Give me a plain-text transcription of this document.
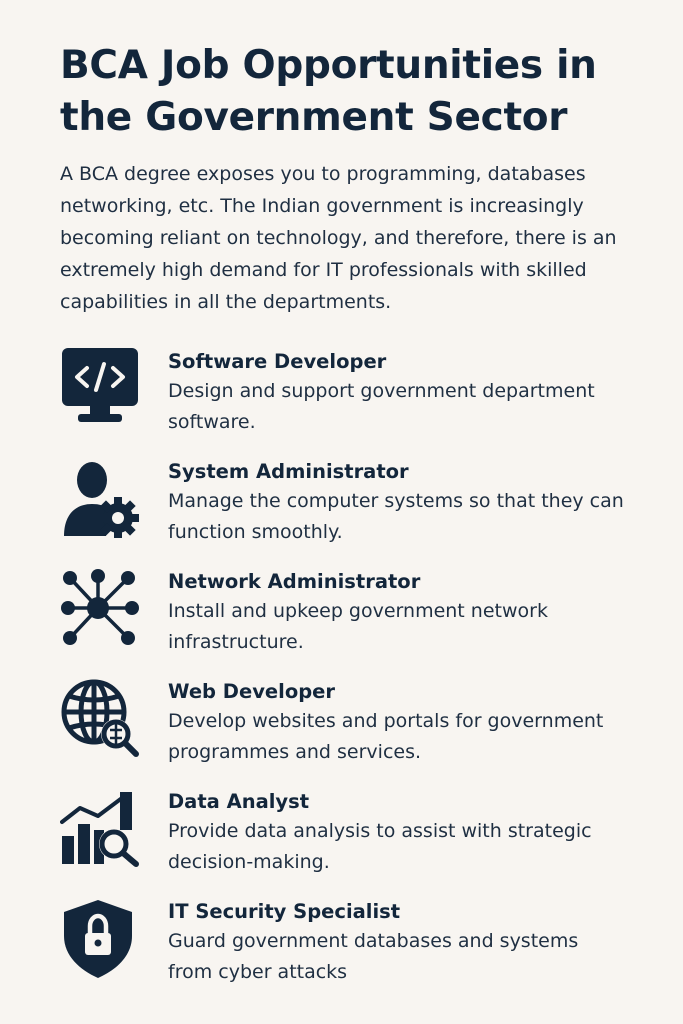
BCA Job Opportunities in the Government Sector

A BCA degree exposes you to programming, databases networking, etc. The Indian government is increasingly becoming reliant on technology, and therefore, there is an extremely high demand for IT professionals with skilled capabilities in all the departments.

Software Developer
Design and support government department software.
System Administrator
Manage the computer systems so that they can function smoothly.
Network Administrator
Install and upkeep government network infrastructure.
Web Developer
Develop websites and portals for government programmes and services.
Data Analyst
Provide data analysis to assist with strategic decision-making.
IT Security Specialist
Guard government databases and systems from cyber attacks
